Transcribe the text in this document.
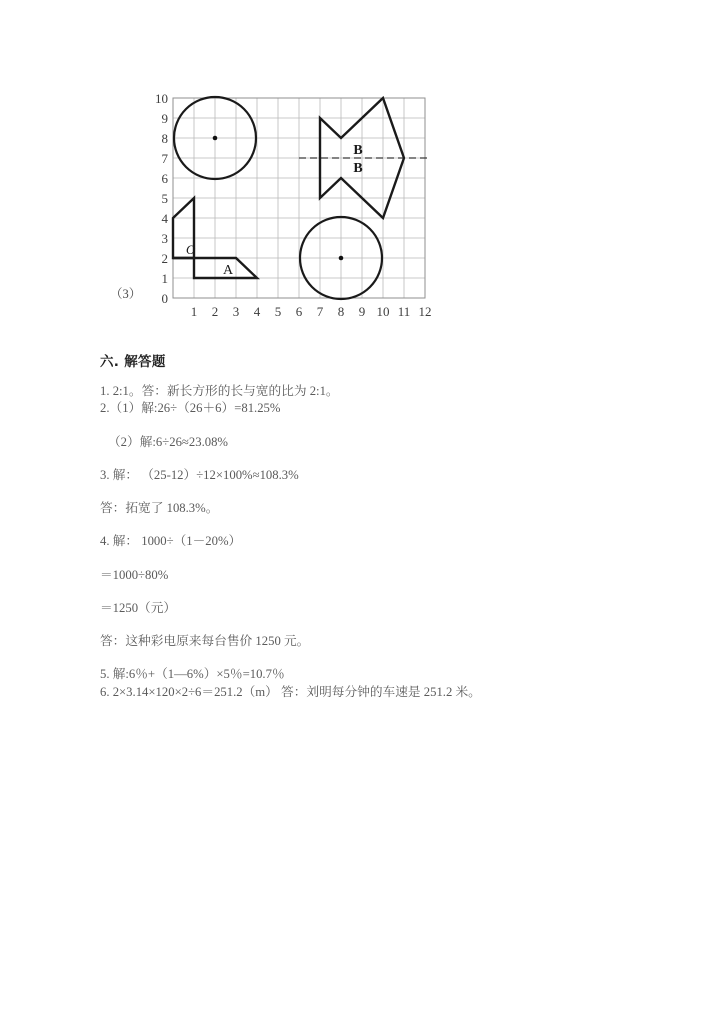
（3） 0
1
2
3
4
5
6
7
8
9
10
1 2 3 4 5 6 7 8 9 10 11 12
O
A
B
B
六. 解答题
1. 2:1。答：新长方形的长与宽的比为 2:1。
2.（1）解:26÷（26＋6）=81.25%
（2）解:6÷26≈23.08%
3. 解： （25-12）÷12×100%≈108.3%
答：拓宽了 108.3%。
4. 解： 1000÷（1－20%）
＝1000÷80%
＝1250（元）
答：这种彩电原来每台售价 1250 元。
5. 解:6％+（1—6%）×5％=10.7％
6. 2×3.14×120×2÷6＝251.2（m） 答：刘明每分钟的车速是 251.2 米。
